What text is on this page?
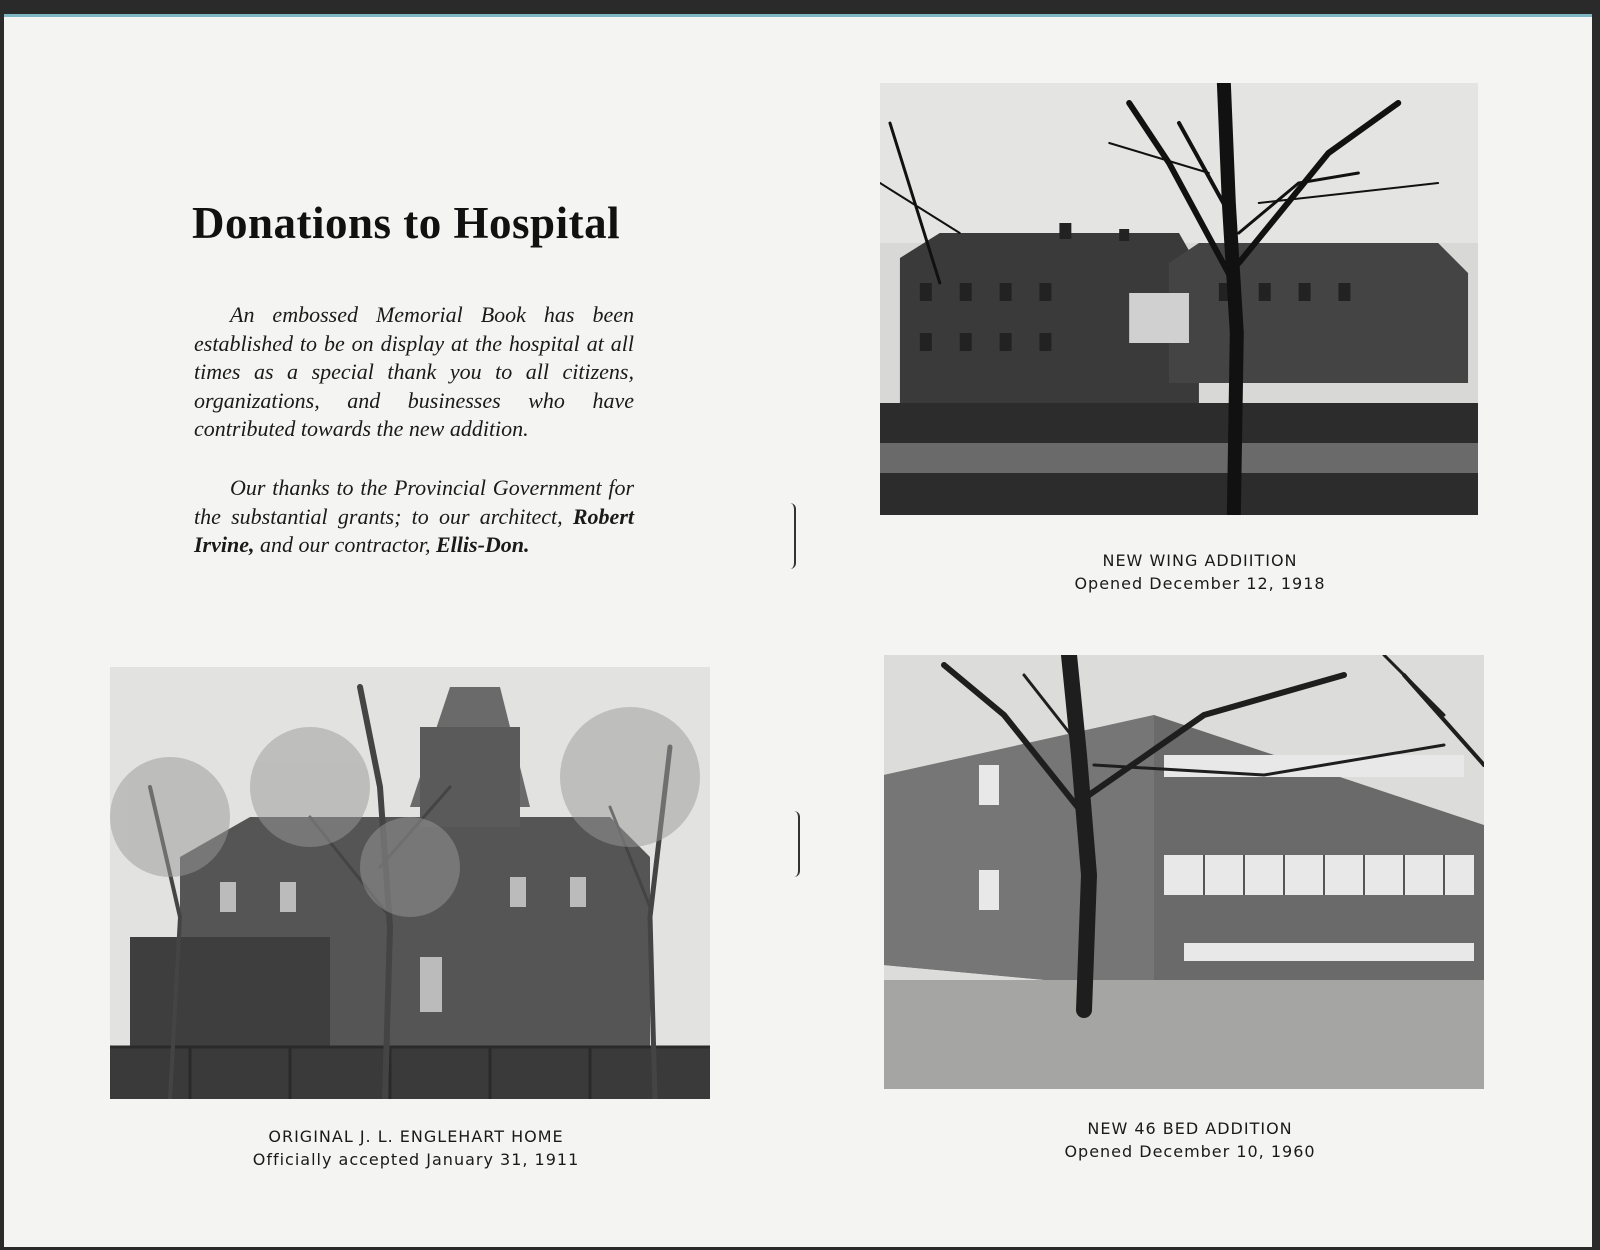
Donations to Hospital

An embossed Memorial Book has been established to be on display at the hospital at all times as a special thank you to all citizens, organizations, and businesses who have contributed towards the new addition.

Our thanks to the Provincial Government for the substantial grants; to our architect, Robert Irvine, and our contractor, Ellis-Don.

NEW WING ADDIITION
Opened December 12, 1918
ORIGINAL J. L. ENGLEHART HOME
Officially accepted January 31, 1911
NEW 46 BED ADDITION
Opened December 10, 1960
